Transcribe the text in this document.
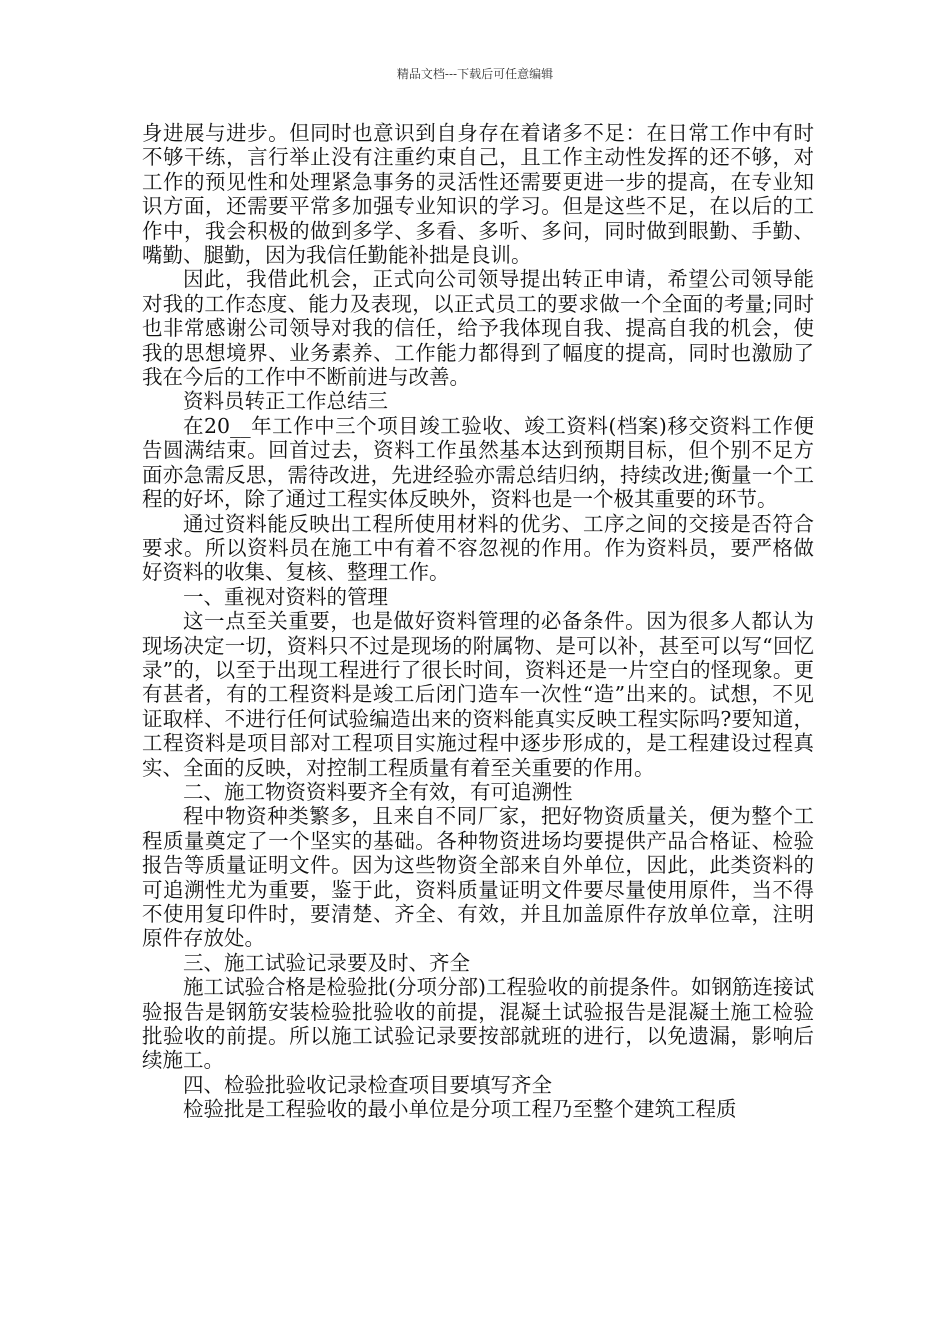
精品文档---下载后可任意编辑

身进展与进步。但同时也意识到自身存在着诸多不足：在日常工作中有时不够干练，言行举止没有注重约束自己，且工作主动性发挥的还不够，对工作的预见性和处理紧急事务的灵活性还需要更进一步的提高，在专业知识方面，还需要平常多加强专业知识的学习。但是这些不足，在以后的工作中，我会积极的做到多学、多看、多听、多问，同时做到眼勤、手勤、嘴勤、腿勤，因为我信任勤能补拙是良训。

因此，我借此机会，正式向公司领导提出转正申请，希望公司领导能对我的工作态度、能力及表现，以正式员工的要求做一个全面的考量;同时也非常感谢公司领导对我的信任，给予我体现自我、提高自我的机会，使我的思想境界、业务素养、工作能力都得到了幅度的提高，同时也激励了我在今后的工作中不断前进与改善。

资料员转正工作总结三

在20__年工作中三个项目竣工验收、竣工资料(档案)移交资料工作便告圆满结束。回首过去，资料工作虽然基本达到预期目标，但个别不足方面亦急需反思，需待改进，先进经验亦需总结归纳，持续改进;衡量一个工程的好坏，除了通过工程实体反映外，资料也是一个极其重要的环节。

通过资料能反映出工程所使用材料的优劣、工序之间的交接是否符合要求。所以资料员在施工中有着不容忽视的作用。作为资料员，要严格做好资料的收集、复核、整理工作。

一、重视对资料的管理

这一点至关重要，也是做好资料管理的必备条件。因为很多人都认为现场决定一切，资料只不过是现场的附属物、是可以补，甚至可以写“回忆录”的，以至于出现工程进行了很长时间，资料还是一片空白的怪现象。更有甚者，有的工程资料是竣工后闭门造车一次性“造”出来的。试想，不见证取样、不进行任何试验编造出来的资料能真实反映工程实际吗?要知道，工程资料是项目部对工程项目实施过程中逐步形成的，是工程建设过程真实、全面的反映，对控制工程质量有着至关重要的作用。

二、施工物资资料要齐全有效，有可追溯性

程中物资种类繁多，且来自不同厂家，把好物资质量关，便为整个工程质量奠定了一个坚实的基础。各种物资进场均要提供产品合格证、检验报告等质量证明文件。因为这些物资全部来自外单位，因此，此类资料的可追溯性尤为重要，鉴于此，资料质量证明文件要尽量使用原件，当不得不使用复印件时，要清楚、齐全、有效，并且加盖原件存放单位章，注明原件存放处。

三、施工试验记录要及时、齐全

施工试验合格是检验批(分项分部)工程验收的前提条件。如钢筋连接试验报告是钢筋安装检验批验收的前提，混凝土试验报告是混凝土施工检验批验收的前提。所以施工试验记录要按部就班的进行，以免遗漏，影响后续施工。

四、检验批验收记录检查项目要填写齐全

检验批是工程验收的最小单位是分项工程乃至整个建筑工程质
